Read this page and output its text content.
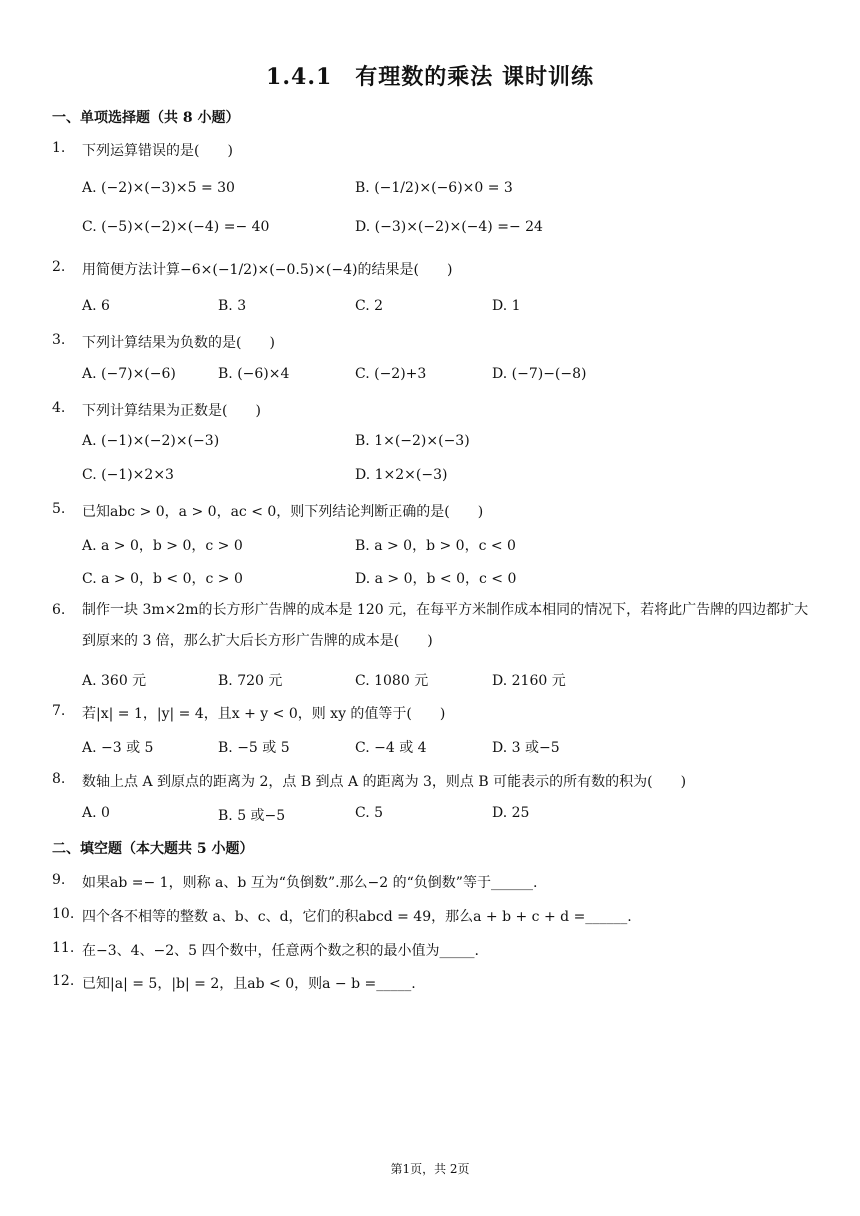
1.4.1　有理数的乘法 课时训练
一、单项选择题（共 8 小题）
1. 下列运算错误的是(　　)
A. (−2)×(−3)×5 = 30	B. (−1/2)×(−6)×0 = 3
C. (−5)×(−2)×(−4) =− 40	D. (−3)×(−2)×(−4) =− 24
2. 用简便方法计算−6×(−1/2)×(−0.5)×(−4)的结果是(　　)
A. 6	B. 3	C. 2	D. 1
3. 下列计算结果为负数的是(　　)
A. (−7)×(−6)	B. (−6)×4	C. (−2)+3	D. (−7)−(−8)
4. 下列计算结果为正数是(　　)
A. (−1)×(−2)×(−3)	B. 1×(−2)×(−3)
C. (−1)×2×3	D. 1×2×(−3)
5. 已知abc > 0，a > 0，ac < 0，则下列结论判断正确的是(　　)
A. a > 0，b > 0，c > 0	B. a > 0，b > 0，c < 0
C. a > 0，b < 0，c > 0	D. a > 0，b < 0，c < 0
6. 制作一块 3m×2m的长方形广告牌的成本是 120 元，在每平方米制作成本相同的情况下，若将此广告牌的四边都扩大到原来的 3 倍，那么扩大后长方形广告牌的成本是(　　)
A. 360 元	B. 720 元	C. 1080 元	D. 2160 元
7. 若|x| = 1，|y| = 4，且x + y < 0，则 xy 的值等于(　　)
A. −3 或 5	B. −5 或 5	C. −4 或 4	D. 3 或−5
8. 数轴上点 A 到原点的距离为 2，点 B 到点 A 的距离为 3，则点 B 可能表示的所有数的积为(　　)
A. 0	B. 5 或−5	C. 5	D. 25
二、填空题（本大题共 5 小题）
9. 如果ab =− 1，则称 a、b 互为“负倒数”.那么−2 的“负倒数”等于______.
10. 四个各不相等的整数 a、b、c、d，它们的积abcd = 49，那么a + b + c + d =______.
11. 在−3、4、−2、5 四个数中，任意两个数之积的最小值为_____.
12. 已知|a| = 5，|b| = 2，且ab < 0，则a − b =_____.
第1页，共 2页
